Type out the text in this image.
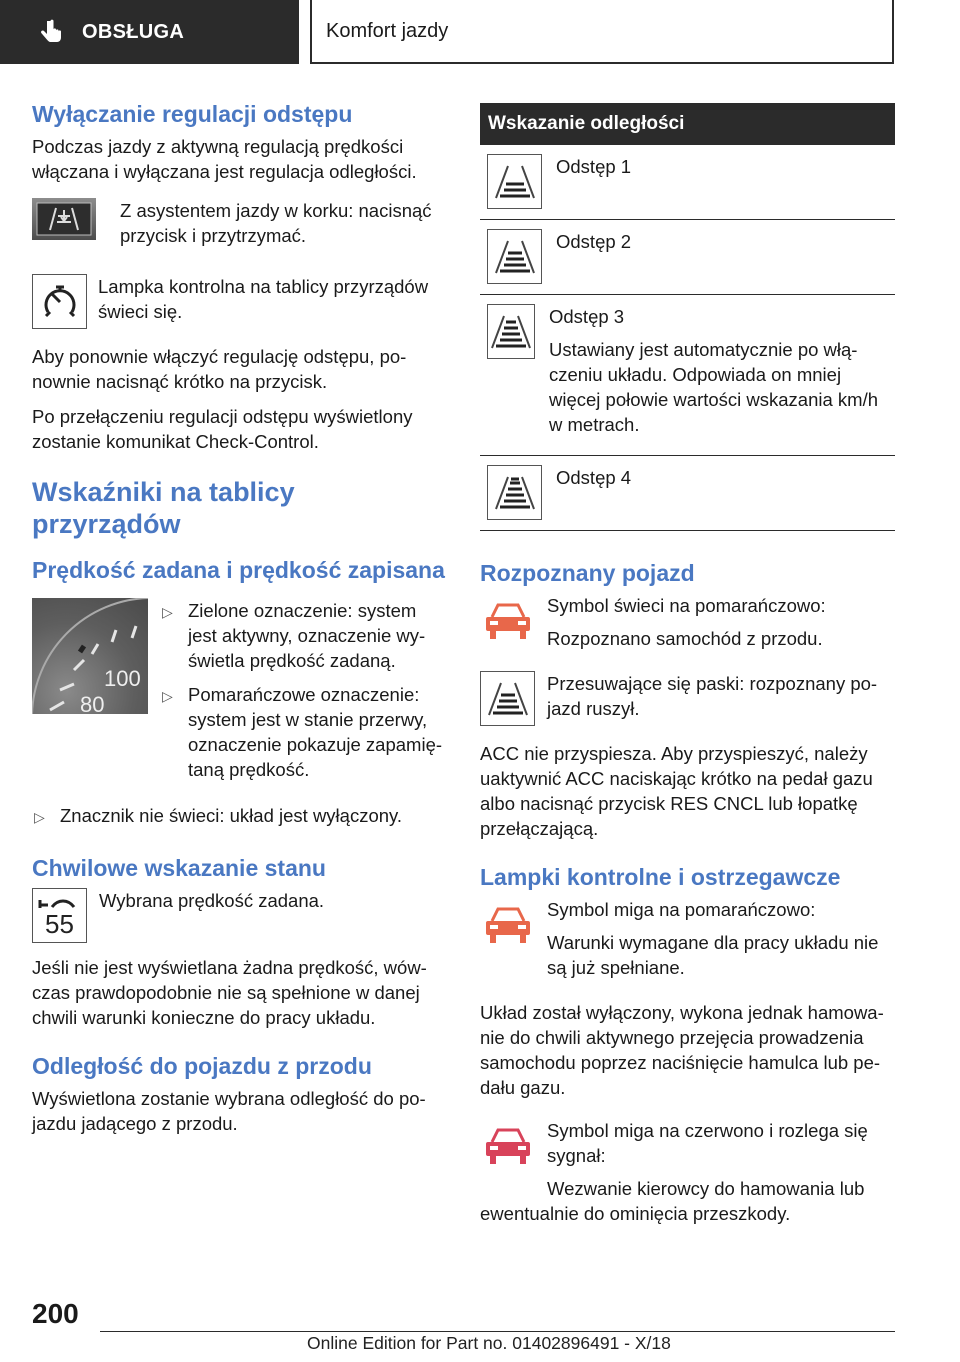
OBSŁUGA	Komfort jazdy
Wyłączanie regulacji odstępu

Podczas jazdy z aktywną regulacją prędkości włączana i wyłączana jest regulacja odległości.

Z asystentem jazdy w korku: nacisnąć przycisk i przytrzymać.

Lampka kontrolna na tablicy przyrządów świeci się.

Aby ponownie włączyć regulację odstępu, po-nownie nacisnąć krótko na przycisk.

Po przełączeniu regulacji odstępu wyświetlony zostanie komunikat Check-Control.

Wskaźniki na tablicy przyrządów
Prędkość zadana i prędkość zapisana
100
80
▷ Zielone oznaczenie: system jest aktywny, oznaczenie wy-świetla prędkość zadaną.
▷ Pomarańczowe oznaczenie: system jest w stanie przerwy, oznaczenie pokazuje zapamię-taną prędkość.
▷ Znacznik nie świeci: układ jest wyłączony.
Chwilowe wskazanie stanu
55

Wybrana prędkość zadana.

Jeśli nie jest wyświetlana żadna prędkość, wów-czas prawdopodobnie nie są spełnione w danej chwili warunki konieczne do pracy układu.

Odległość do pojazdu z przodu

Wyświetlona zostanie wybrana odległość do po-jazdu jadącego z przodu.

Wskazanie odległości

Odstęp 1

Odstęp 2

Odstęp 3

Ustawiany jest automatycznie po włą-czeniu układu. Odpowiada on mniej więcej połowie wartości wskazania km/h w metrach.

Odstęp 4

Rozpoznany pojazd

Symbol świeci na pomarańczowo:

Rozpoznano samochód z przodu.

Przesuwające się paski: rozpoznany po-jazd ruszył.

ACC nie przyspiesza. Aby przyspieszyć, należy uaktywnić ACC naciskając krótko na pedał gazu albo nacisnąć przycisk RES CNCL lub łopatkę przełączającą.

Lampki kontrolne i ostrzegawcze

Symbol miga na pomarańczowo:

Warunki wymagane dla pracy układu nie są już spełniane.

Układ został wyłączony, wykona jednak hamowa-nie do chwili aktywnego przejęcia prowadzenia samochodu poprzez naciśnięcie hamulca lub pe-dału gazu.

Symbol miga na czerwono i rozlega się sygnał:

Wezwanie kierowcy do hamowania lub

ewentualnie do ominięcia przeszkody.

200
Online Edition for Part no. 01402896491 - X/18
